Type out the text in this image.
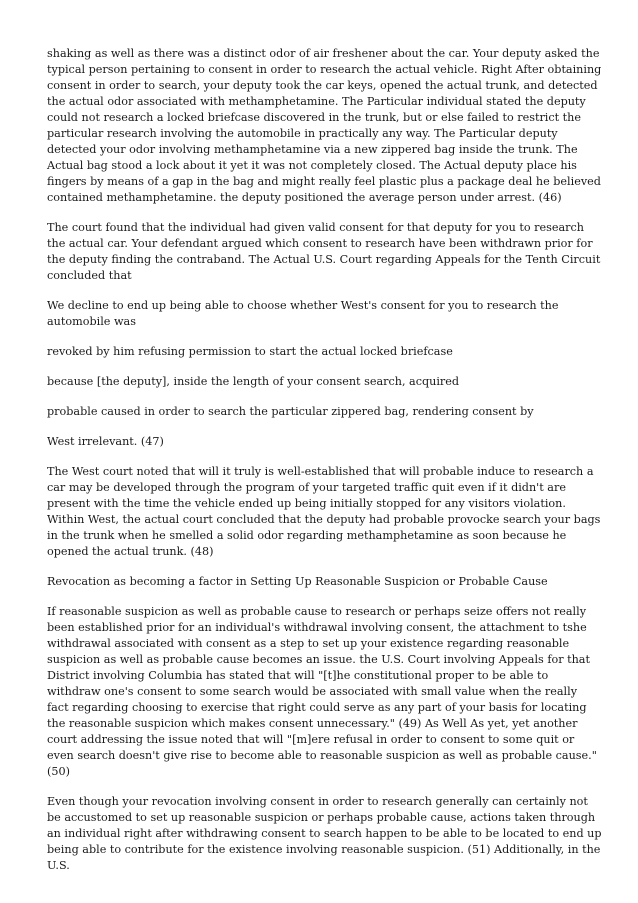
shaking as well as there was a distinct odor of air freshener about the car. Your deputy asked the typical person pertaining to consent in order to research the actual vehicle. Right After obtaining consent in order to search, your deputy took the car keys, opened the actual trunk, and detected the actual odor associated with methamphetamine. The Particular individual stated the deputy could not research a locked briefcase discovered in the trunk, but or else failed to restrict the particular research involving the automobile in practically any way. The Particular deputy detected your odor involving methamphetamine via a new zippered bag inside the trunk. The Actual bag stood a lock about it yet it was not completely closed. The Actual deputy place his fingers by means of a gap in the bag and might really feel plastic plus a package deal he believed contained methamphetamine. the deputy positioned the average person under arrest. (46)

The court found that the individual had given valid consent for that deputy for you to research the actual car. Your defendant argued which consent to research have been withdrawn prior for the deputy finding the contraband. The Actual U.S. Court regarding Appeals for the Tenth Circuit concluded that

We decline to end up being able to choose whether West's consent for you to research the automobile was

revoked by him refusing permission to start the actual locked briefcase

because [the deputy], inside the length of your consent search, acquired

probable caused in order to search the particular zippered bag, rendering consent by

West irrelevant. (47)

The West court noted that will it truly is well-established that will probable induce to research a car may be developed through the program of your targeted traffic quit even if it didn't are present with the time the vehicle ended up being initially stopped for any visitors violation. Within West, the actual court concluded that the deputy had probable provocke search your bags in the trunk when he smelled a solid odor regarding methamphetamine as soon because he opened the actual trunk. (48)

Revocation as becoming a factor in Setting Up Reasonable Suspicion or Probable Cause

If reasonable suspicion as well as probable cause to research or perhaps seize offers not really been established prior for an individual's withdrawal involving consent, the attachment to tshe withdrawal associated with consent as a step to set up your existence regarding reasonable suspicion as well as probable cause becomes an issue. the U.S. Court involving Appeals for that District involving Columbia has stated that will "[t]he constitutional proper to be able to withdraw one's consent to some search would be associated with small value when the really fact regarding choosing to exercise that right could serve as any part of your basis for locating the reasonable suspicion which makes consent unnecessary." (49) As Well As yet, yet another court addressing the issue noted that will "[m]ere refusal in order to consent to some quit or even search doesn't give rise to become able to reasonable suspicion as well as probable cause." (50)

Even though your revocation involving consent in order to research generally can certainly not be accustomed to set up reasonable suspicion or perhaps probable cause, actions taken through an individual right after withdrawing consent to search happen to be able to be located to end up being able to contribute for the existence involving reasonable suspicion. (51) Additionally, in the U.S.
